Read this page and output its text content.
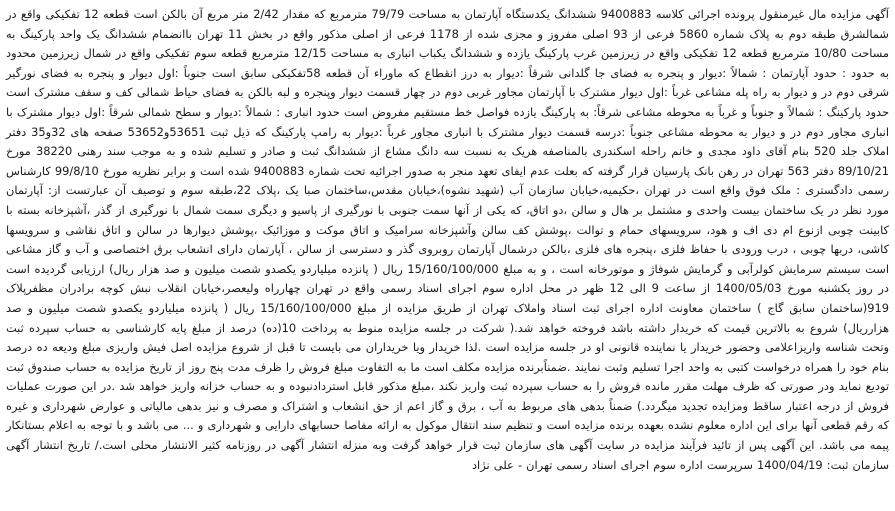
آگهی مزایده مال غیرمنقول پرونده اجرائی کلاسه 9400883 ششدانگ یکدستگاه آپارتمان به مساحت 79/79 مترمربع که مقدار 2/42 متر مربع آن بالکن است قطعه 12 تفکیکی واقع در شمالشرق طبقه دوم به پلاک شماره 5860 فرعی از 93 اصلی مفروز و مجزی شده از 1178 فرعی از اصلی مذکور واقع در بخش 11 تهران باانضمام ششدانگ یک واحد پارکینگ به مساحت 10/80 مترمربع قطعه 12 تفکیکی واقع در زیرزمین غرب پارکینگ یازده و ششدانگ یکباب انباری به مساحت 12/15 مترمربع قطعه سوم تفکیکی واقع در شمال زیرزمین محدود به حدود : حدود آپارتمان : شمالاً :دیوار و پنجره به فضای جا گلدانی شرقاً :دیوار به درز انقطاع که ماوراء آن قطعه 58تفکیکی سابق است جنوباً :اول دیوار و پنجره به فضای نورگیر شرقی دوم در و دیوار به راه پله مشاعی غرباً :اول دیوار مشترک با آپارتمان مجاور غربی دوم در چهار قسمت دیوار وپنجره و لبه بالکن به فضای حیاط شمالی کف و سقف مشترک است حدود پارکینگ : شمالاً و جنوباً و غرباً به محوطه مشاعی شرقاً: به پارکینگ یازده فواصل خط مستقیم مفروض است حدود انباری : شمالاً :دیوار و سطح شمالی شرقاً :اول دیوار مشترک با انباری مجاور دوم در و دیوار به محوطه مشاعی جنوباً :درسه قسمت دیوار مشترک با انباری مجاور غرباً :دیوار به رامپ پارکینگ که ذیل ثبت 53651و53652 صفحه های 32و35 دفتر املاک جلد 520 بنام آقای داود مجدی و خانم راحله اسکندری بالمناصفه هریک به نسبت سه دانگ مشاع از ششدانگ ثبت و صادر و تسلیم شده و به موجب سند رهنی 38220 مورخ 89/10/21 دفتر 563 تهران در رهن بانک پارسیان قرار گرفته که بعلت عدم ایفای تعهد منجر به صدور اجرائیه تحت شماره 9400883 شده است و برابر نظریه مورخ 99/8/10 کارشناس رسمی دادگستری : ملک فوق واقع است در تهران ،حکیمیه،خیابان سازمان آب (شهید نشوه)،خیابان مقدس،ساختمان صبا یک ،پلاک 22،طبقه سوم و توصیف آن عبارتست از: آپارتمان مورد نظر در یک ساختمان بیست واحدی و مشتمل بر هال و سالن ،دو اتاق، که یکی از آنها سمت جنوبی با نورگیری از پاسیو و دیگری سمت شمال با نورگیری از گذر ،آشپزخانه بسته با کابینت چوبی ازنوع ام دی اف و هود، سرویسهای حمام و توالت ،پوشش کف سالن وآشپزخانه سرامیک و اتاق موکت و موزائیک ،پوشش دیوارها در سالن و اتاق نقاشی و سرویسها کاشی، دربها چوبی ، درب ورودی با حفاظ فلزی ،پنجره های فلزی ،بالکن درشمال آپارتمان روبروی گذر و دسترسی از سالن ، آپارتمان دارای انشعاب برق اختصاصی و آب و گاز مشاعی است سیستم سرمایش کولرآبی و گرمایش شوفاژ و موتورخانه است ، و به مبلغ 15/160/100/000 ریال ( پانزده میلیاردو یکصدو شصت میلیون و صد هزار ریال) ارزیابی گردیده است در روز یکشنبه مورخ 1400/05/03 از ساعت 9 الی 12 ظهر در محل اداره سوم اجرای اسناد رسمی واقع در تهران چهارراه ولیعصر،خیابان انقلاب نبش کوچه برادران مظفرپلاک 919(ساختمان سابق گاج ) ساختمان معاونت اداره اجرای ثبت اسناد واملاک تهران از طریق مزایده از مبلغ 15/160/100/000 ریال ( پانزده میلیاردو یکصدو شصت میلیون و صد هزارریال) شروع به بالاترین قیمت که خریدار داشته باشد فروخته خواهد شد.( شرکت در جلسه مزایده منوط به پرداخت 10(ده) درصد از مبلغ پایه کارشناسی به حساب سپرده ثبت وتحت شناسه واریزاعلامی وحضور خریدار یا نماینده قانونی او در جلسه مزایده است .لذا خریدار ویا خریداران می بایست تا قبل از شروع مزایده اصل فیش واریزی مبلغ ودیعه ده درصد بنام خود را همراه درخواست کتبی به واحد اجرا تسلیم وثبت نمایند .ضمناًبرنده مزایده مکلف است ما به التفاوت مبلغ فروش را ظرف مدت پنج روز از تاریخ مزایده به حساب صندوق ثبت تودیع نماید ودر صورتی که ظرف مهلت مقرر مانده فروش را به حساب سپرده ثبت واریز نکند ،مبلغ مذکور قابل استردادنبوده و به حساب خزانه واریز خواهد شد .در این صورت عملیات فروش از درجه اعتبار ساقط ومزایده تجدید میگردد.) ضمناً بدهی های مربوط به آب ، برق و گاز اعم از حق انشعاب و اشتراک و مصرف و نیز بدهی مالیاتی و عوارض شهرداری و غیره که رقم قطعی آنها برای این اداره معلوم نشده بعهده برنده مزایده است و تنظیم سند انتقال موکول به ارائه مفاصا حسابهای دارایی و شهرداری و ... می باشد و با توجه به اعلام بستانکار پیمه می باشد. این آگهی پس از تائید فرآیند مزایده در سایت آگهی های سازمان ثبت قرار خواهد گرفت وبه منزله انتشار آگهی در روزنامه کثیر الانتشار محلی است./ تاریخ انتشار آگهی سازمان ثبت: 1400/04/19 سرپرست اداره سوم اجرای اسناد رسمی تهران - علی نژاد
